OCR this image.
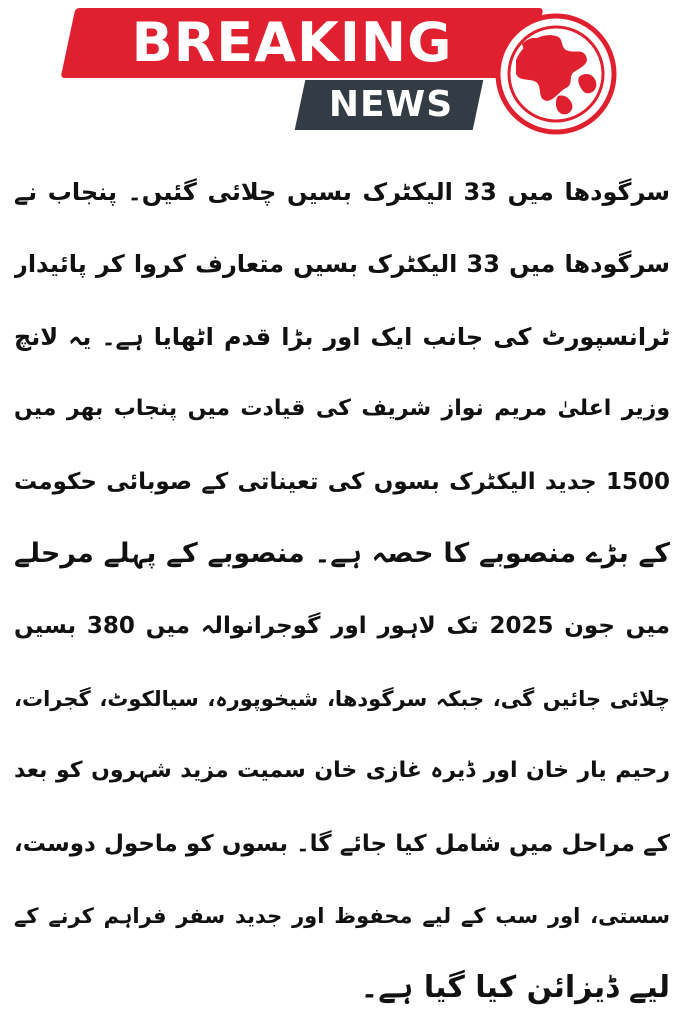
BREAKING
NEWS
سرگودھا میں 33 الیکٹرک بسیں چلائی گئیں۔ پنجاب نے
سرگودھا میں 33 الیکٹرک بسیں متعارف کروا کر پائیدار
ٹرانسپورٹ کی جانب ایک اور بڑا قدم اٹھایا ہے۔ یہ لانچ
وزیر اعلیٰ مریم نواز شریف کی قیادت میں پنجاب بھر میں
1500 جدید الیکٹرک بسوں کی تعیناتی کے صوبائی حکومت
کے بڑے منصوبے کا حصہ ہے۔ منصوبے کے پہلے مرحلے
میں جون 2025 تک لاہور اور گوجرانوالہ میں 380 بسیں
چلائی جائیں گی، جبکہ سرگودھا، شیخوپورہ، سیالکوٹ، گجرات،
رحیم یار خان اور ڈیرہ غازی خان سمیت مزید شہروں کو بعد
کے مراحل میں شامل کیا جائے گا۔ بسوں کو ماحول دوست،
سستی، اور سب کے لیے محفوظ اور جدید سفر فراہم کرنے کے
لیے ڈیزائن کیا گیا ہے۔
